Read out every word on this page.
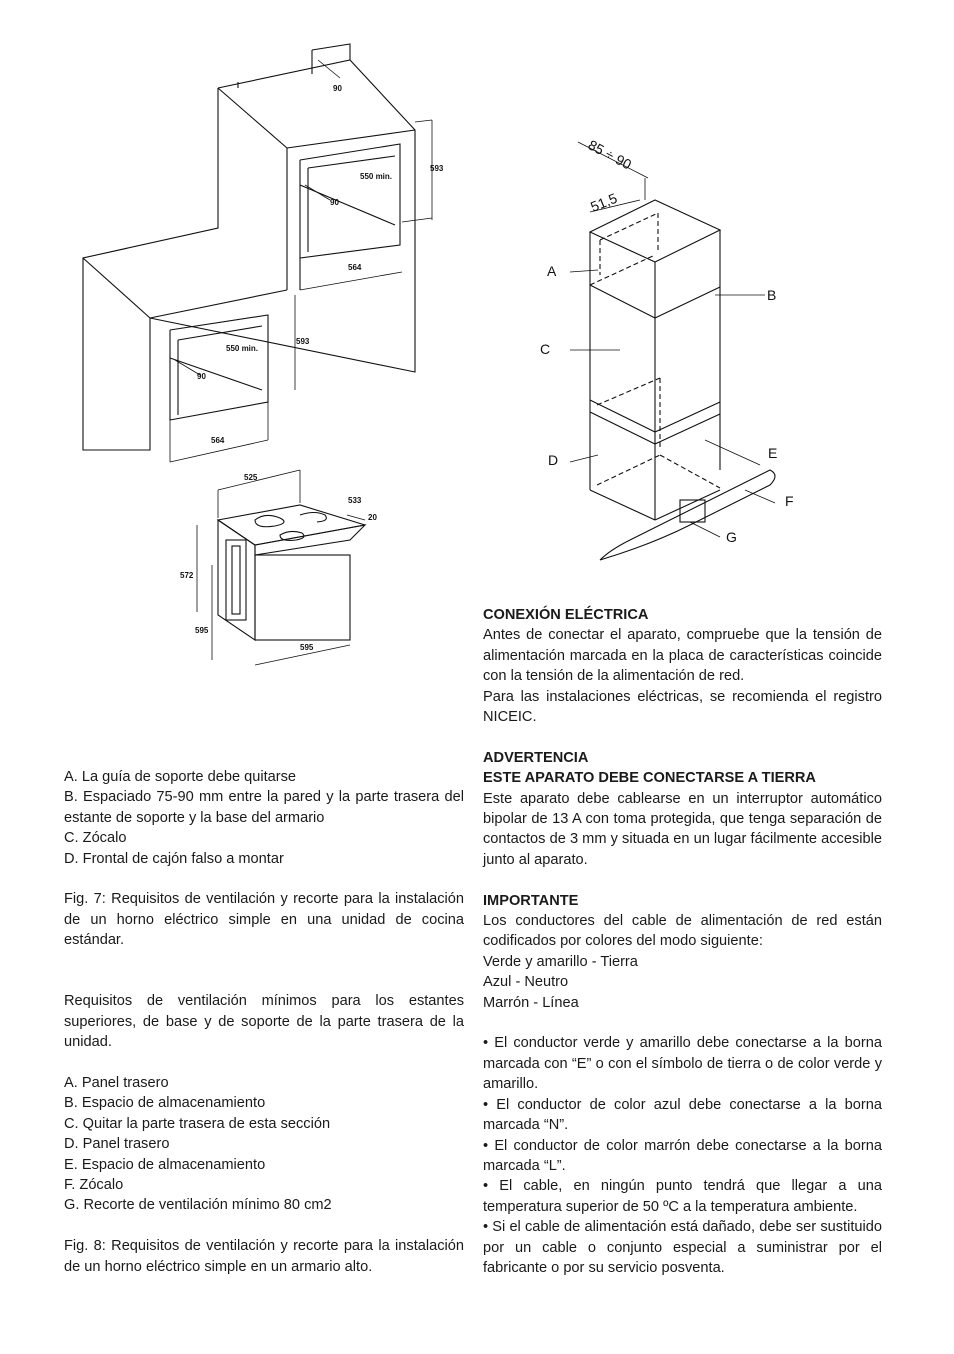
90
593
550 min.
90
564
593
550 min.
90
564
525
533
20
572
595
595
85 ÷ 90
51,5
A
B
C
D	E
F
G

A. La guía de soporte debe quitarse

B. Espaciado 75-90 mm entre la pared y la parte trasera del estante de soporte y la base del armario

C. Zócalo

D. Frontal de cajón falso a montar

Fig. 7: Requisitos de ventilación y recorte para la instalación de un horno eléctrico simple en una unidad de cocina estándar.

Requisitos de ventilación mínimos para los estantes superiores, de base y de soporte de la parte trasera de la unidad.

A. Panel trasero

B. Espacio de almacenamiento

C. Quitar la parte trasera de esta sección

D. Panel trasero

E. Espacio de almacenamiento

F. Zócalo

G. Recorte de ventilación mínimo 80 cm2

Fig. 8: Requisitos de ventilación y recorte para la instalación de un horno eléctrico simple en un armario alto.

CONEXIÓN ELÉCTRICA

Antes de conectar el aparato, compruebe que la tensión de alimentación marcada en la placa de características coincide con la tensión de la alimentación de red.

Para las instalaciones eléctricas, se recomienda el registro NICEIC.

ADVERTENCIA

ESTE APARATO DEBE CONECTARSE A TIERRA

Este aparato debe cablearse en un interruptor automático bipolar de 13 A con toma protegida, que tenga separación de contactos de 3 mm y situada en un lugar fácilmente accesible junto al aparato.

IMPORTANTE

Los conductores del cable de alimentación de red están codificados por colores del modo siguiente:

Verde y amarillo - Tierra

Azul - Neutro

Marrón - Línea

• El conductor verde y amarillo debe conectarse a la borna marcada con “E” o con el símbolo de tierra o de color verde y amarillo.

• El conductor de color azul debe conectarse a la borna marcada “N”.

• El conductor de color marrón debe conectarse a la borna marcada “L”.

• El cable, en ningún punto tendrá que llegar a una temperatura superior de 50 ºC a la temperatura ambiente.

• Si el cable de alimentación está dañado, debe ser sustituido por un cable o conjunto especial a suministrar por el fabricante o por su servicio posventa.
